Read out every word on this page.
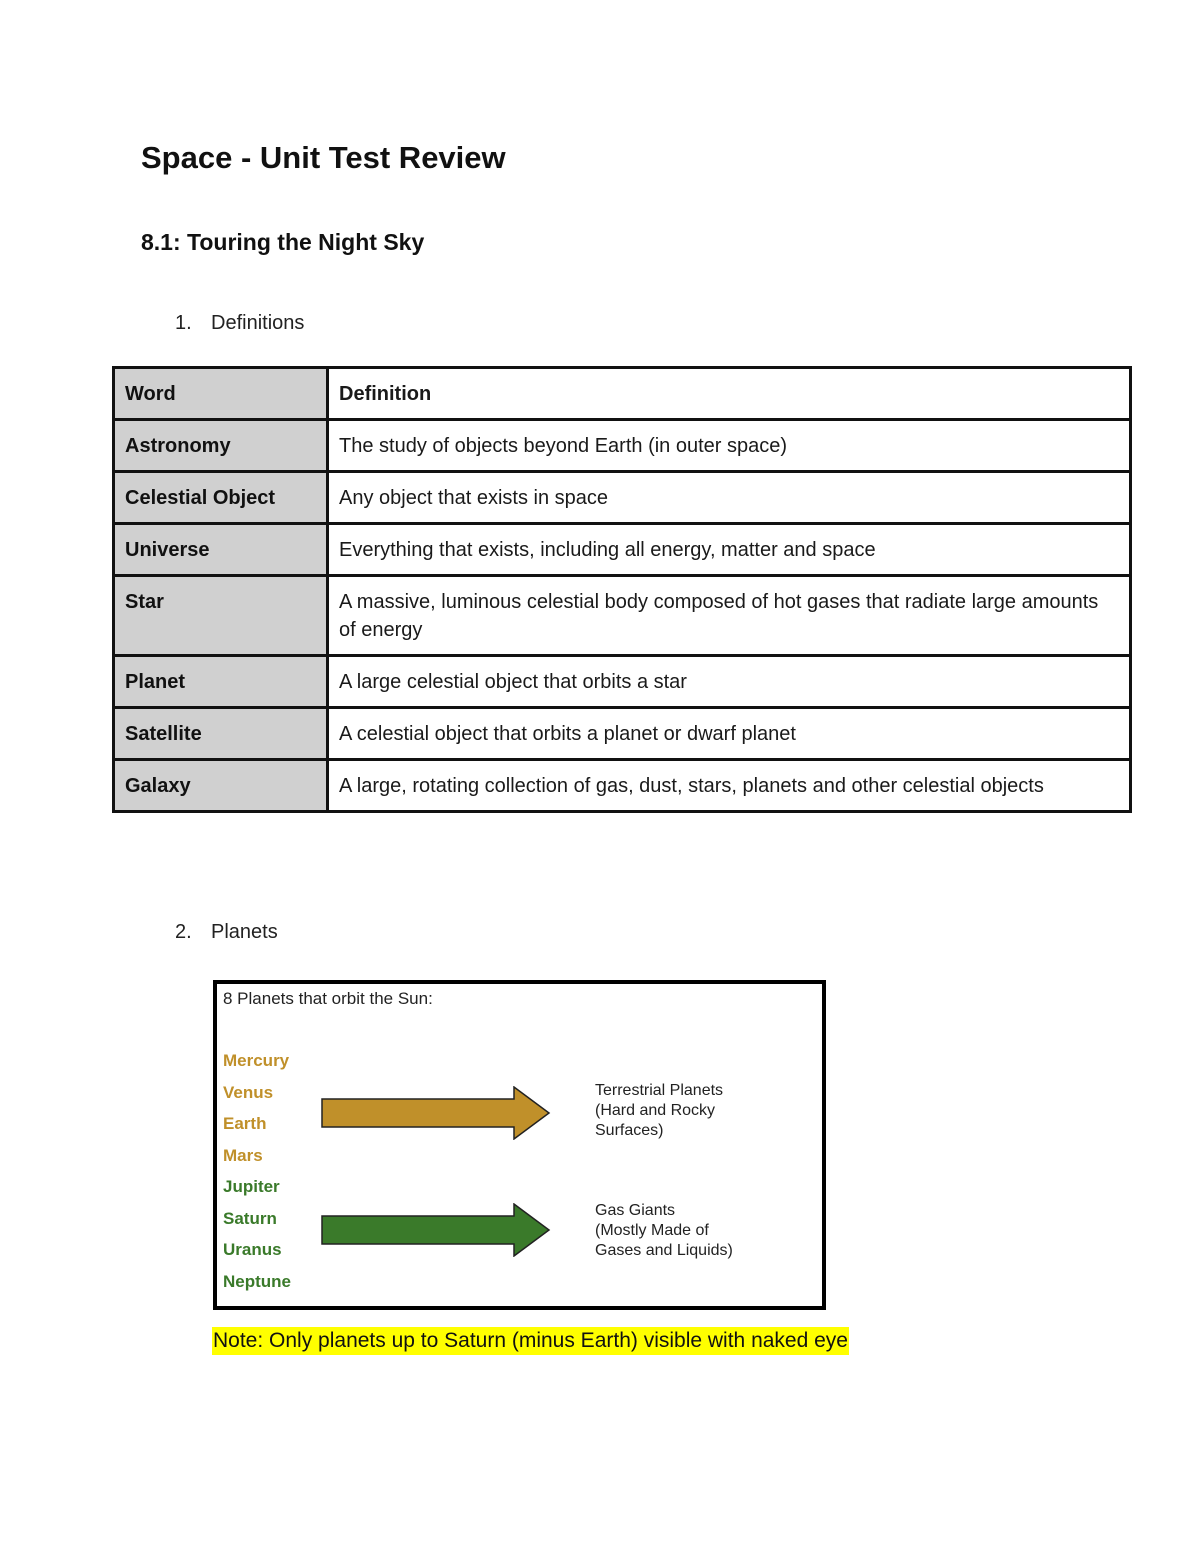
Space - Unit Test Review
8.1: Touring the Night Sky
1. Definitions
Word	Definition
Astronomy	The study of objects beyond Earth (in outer space)
Celestial Object	Any object that exists in space
Universe	Everything that exists, including all energy, matter and space
Star	A massive, luminous celestial body composed of hot gases that radiate large amounts of energy
Planet	A large celestial object that orbits a star
Satellite	A celestial object that orbits a planet or dwarf planet
Galaxy	A large, rotating collection of gas, dust, stars, planets and other celestial objects
2. Planets
8 Planets that orbit the Sun:
Mercury
Venus
Earth
Mars
Jupiter
Saturn
Uranus
Neptune
Terrestrial Planets
(Hard and Rocky
Surfaces)
Gas Giants
(Mostly Made of
Gases and Liquids)
Note: Only planets up to Saturn (minus Earth) visible with naked eye
